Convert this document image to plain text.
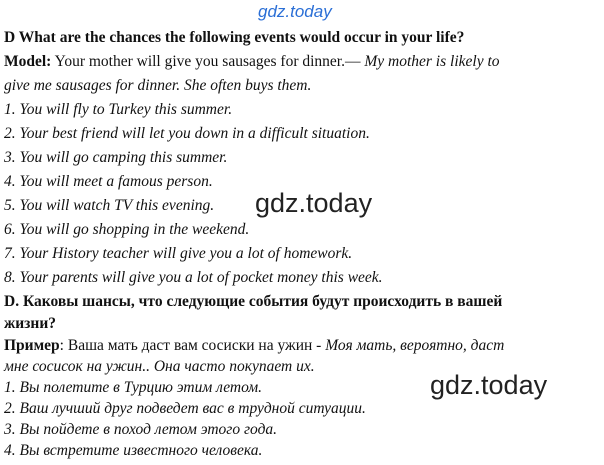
gdz.today
D What are the chances the following events would occur in your life?
Model: Your mother will give you sausages for dinner.— My mother is likely to
give me sausages for dinner. She often buys them.
1. You will fly to Turkey this summer.
2. Your best friend will let you down in a difficult situation.
3. You will go camping this summer.
4. You will meet a famous person.
5. You will watch TV this evening.
6. You will go shopping in the weekend.
7. Your History teacher will give you a lot of homework.
8. Your parents will give you a lot of pocket money this week.
gdz.today
D. Каковы шансы, что следующие события будут происходить в вашей
жизни?
Пример: Ваша мать даст вам сосиски на ужин - Моя мать, вероятно, даст
мне сосисок на ужин.. Она часто покупает их.
1. Вы полетите в Турцию этим летом.
2. Ваш лучший друг подведет вас в трудной ситуации.
3. Вы пойдете в поход летом этого года.
4. Вы встретите известного человека.
gdz.today
